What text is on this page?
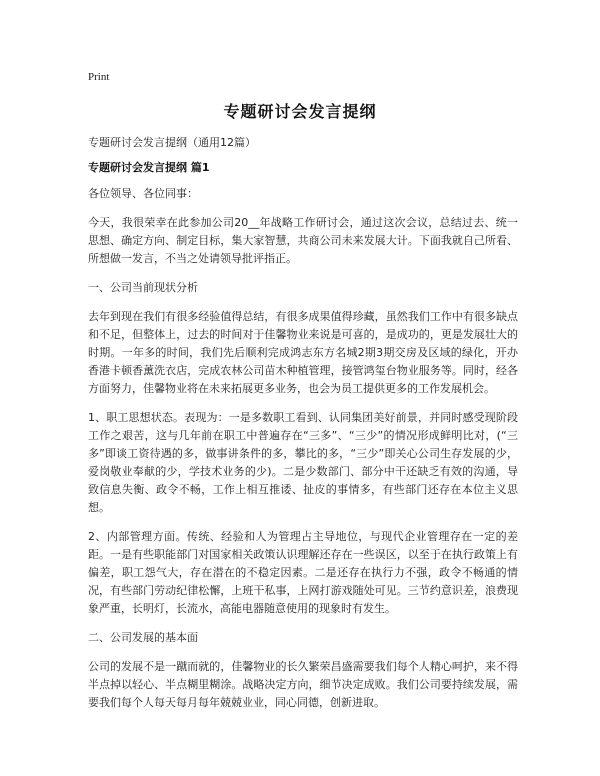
Print
专题研讨会发言提纲
专题研讨会发言提纲（通用12篇）
专题研讨会发言提纲 篇1

各位领导、各位同事：

今天，我很荣幸在此参加公司20__年战略工作研讨会，通过这次会议，总结过去、统一思想、确定方向、制定目标，集大家智慧，共商公司未来发展大计。下面我就自己所看、所想做一发言，不当之处请领导批评指正。

一、公司当前现状分析

去年到现在我们有很多经验值得总结，有很多成果值得珍藏，虽然我们工作中有很多缺点和不足，但整体上，过去的时间对于佳馨物业来说是可喜的，是成功的，更是发展壮大的时期。一年多的时间，我们先后顺利完成鸿志东方名城2期3期交房及区域的绿化，开办香港卡顿香薰洗衣店，完成农林公司苗木种植管理，接管鸿玺台物业服务等。同时，经各方面努力，佳馨物业将在未来拓展更多业务，也会为员工提供更多的工作发展机会。

1、职工思想状态。表现为：一是多数职工看到、认同集团美好前景，并同时感受现阶段工作之艰苦，这与几年前在职工中普遍存在“三多”、“三少”的情况形成鲜明比对，(“三多”即谈工资待遇的多，做事讲条件的多，攀比的多，“三少”即关心公司生存发展的少，爱岗敬业奉献的少，学技术业务的少)。二是少数部门、部分中干还缺乏有效的沟通，导致信息失衡、政令不畅，工作上相互推诿、扯皮的事情多，有些部门还存在本位主义思想。

2、内部管理方面。传统、经验和人为管理占主导地位，与现代企业管理存在一定的差距。一是有些职能部门对国家相关政策认识理解还存在一些误区，以至于在执行政策上有偏差，职工怨气大，存在潜在的不稳定因素。二是还存在执行力不强，政令不畅通的情况，有些部门劳动纪律松懈，上班干私事，上网打游戏随处可见。三节约意识差，浪费现象严重，长明灯，长流水，高能电器随意使用的现象时有发生。

二、公司发展的基本面

公司的发展不是一蹴而就的，佳馨物业的长久繁荣昌盛需要我们每个人精心呵护，来不得半点掉以轻心、半点糊里糊涂。战略决定方向，细节决定成败。我们公司要持续发展，需要我们每个人每天每月每年兢兢业业，同心同德，创新进取。
